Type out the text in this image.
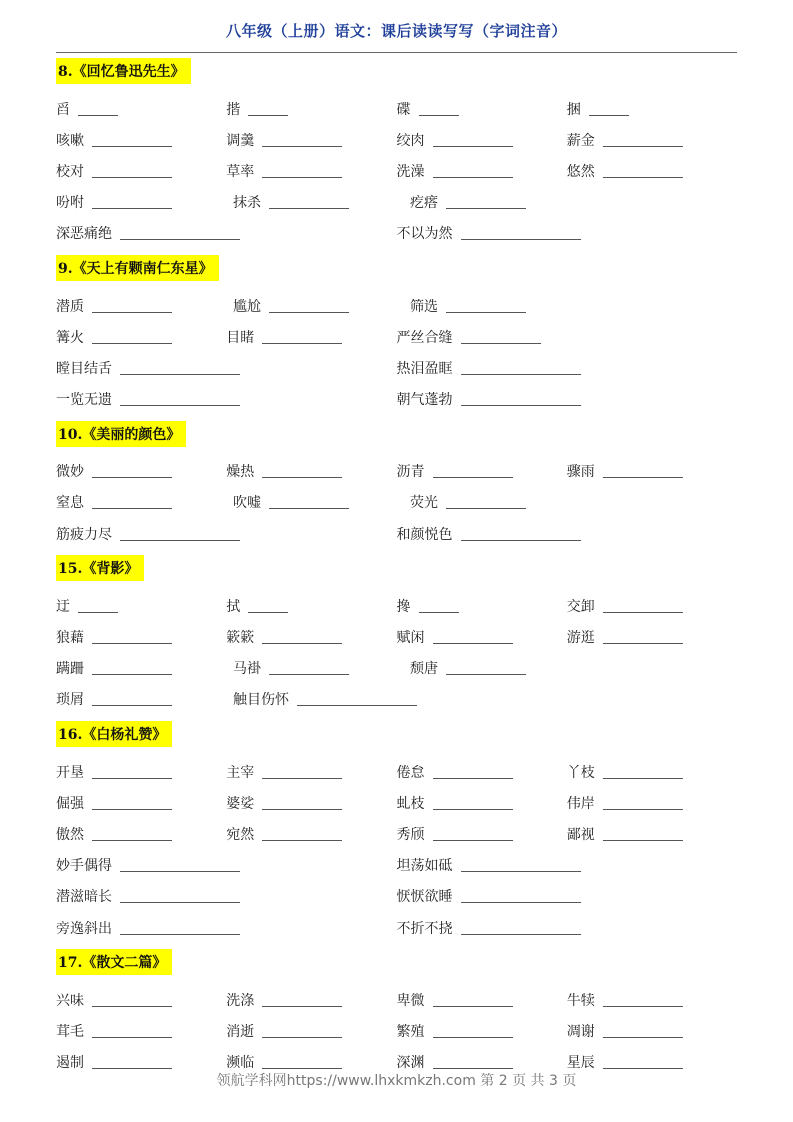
八年级（上册）语文：课后读读写写（字词注音）
8.《回忆鲁迅先生》
舀	揩	碟	捆
咳嗽	调羹	绞肉	薪金
校对	草率	洗澡	悠然
吩咐	抹杀	疙瘩
深恶痛绝	不以为然
9.《天上有颗南仁东星》
潜质	尴尬	筛选
篝火	目睹	严丝合缝
瞠目结舌	热泪盈眶
一览无遗	朝气蓬勃
10.《美丽的颜色》
微妙	燥热	沥青	骤雨
窒息	吹嘘	荧光
筋疲力尽	和颜悦色
15.《背影》
迂	拭	搀	交卸
狼藉	簌簌	赋闲	游逛
蹒跚	马褂	颓唐
琐屑	触目伤怀
16.《白杨礼赞》
开垦	主宰	倦怠	丫枝
倔强	婆娑	虬枝	伟岸
傲然	宛然	秀颀	鄙视
妙手偶得	坦荡如砥
潜滋暗长	恹恹欲睡
旁逸斜出	不折不挠
17.《散文二篇》
兴味	洗涤	卑微	牛犊
茸毛	消逝	繁殖	凋谢
遏制	濒临	深渊	星辰
领航学科网https://www.lhxkmkzh.com 第 2 页 共 3 页
